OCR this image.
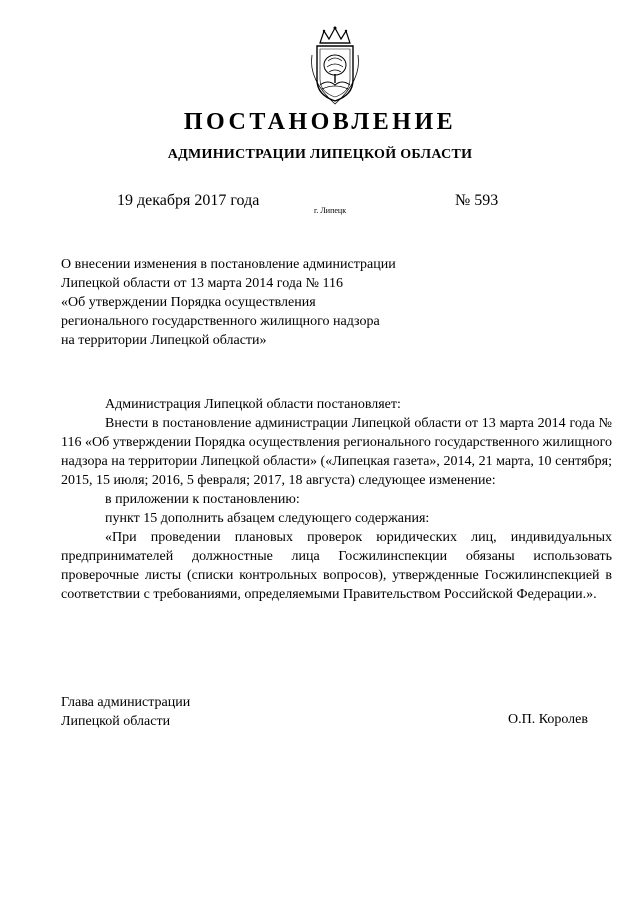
ПОСТАНОВЛЕНИЕ
АДМИНИСТРАЦИИ ЛИПЕЦКОЙ ОБЛАСТИ
19 декабря 2017 года
г. Липецк
№ 593
О внесении изменения в постановление администрации
Липецкой области от 13 марта 2014 года № 116
«Об утверждении Порядка осуществления
регионального государственного жилищного надзора
на территории Липецкой области»
Администрация Липецкой области постановляет:
Внести в постановление администрации Липецкой области от 13 марта 2014 года № 116 «Об утверждении Порядка осуществления регионального государственного жилищного надзора на территории Липецкой области» («Липецкая газета», 2014, 21 марта, 10 сентября; 2015, 15 июля; 2016, 5 февраля; 2017, 18 августа) следующее изменение:
в приложении к постановлению:
пункт 15 дополнить абзацем следующего содержания:
«При проведении плановых проверок юридических лиц, индивидуальных предпринимателей должностные лица Госжилинспекции обязаны использовать проверочные листы (списки контрольных вопросов), утвержденные Госжилинспекцией в соответствии с требованиями, определяемыми Правительством Российской Федерации.».
Глава администрации
Липецкой области	О.П. Королев
